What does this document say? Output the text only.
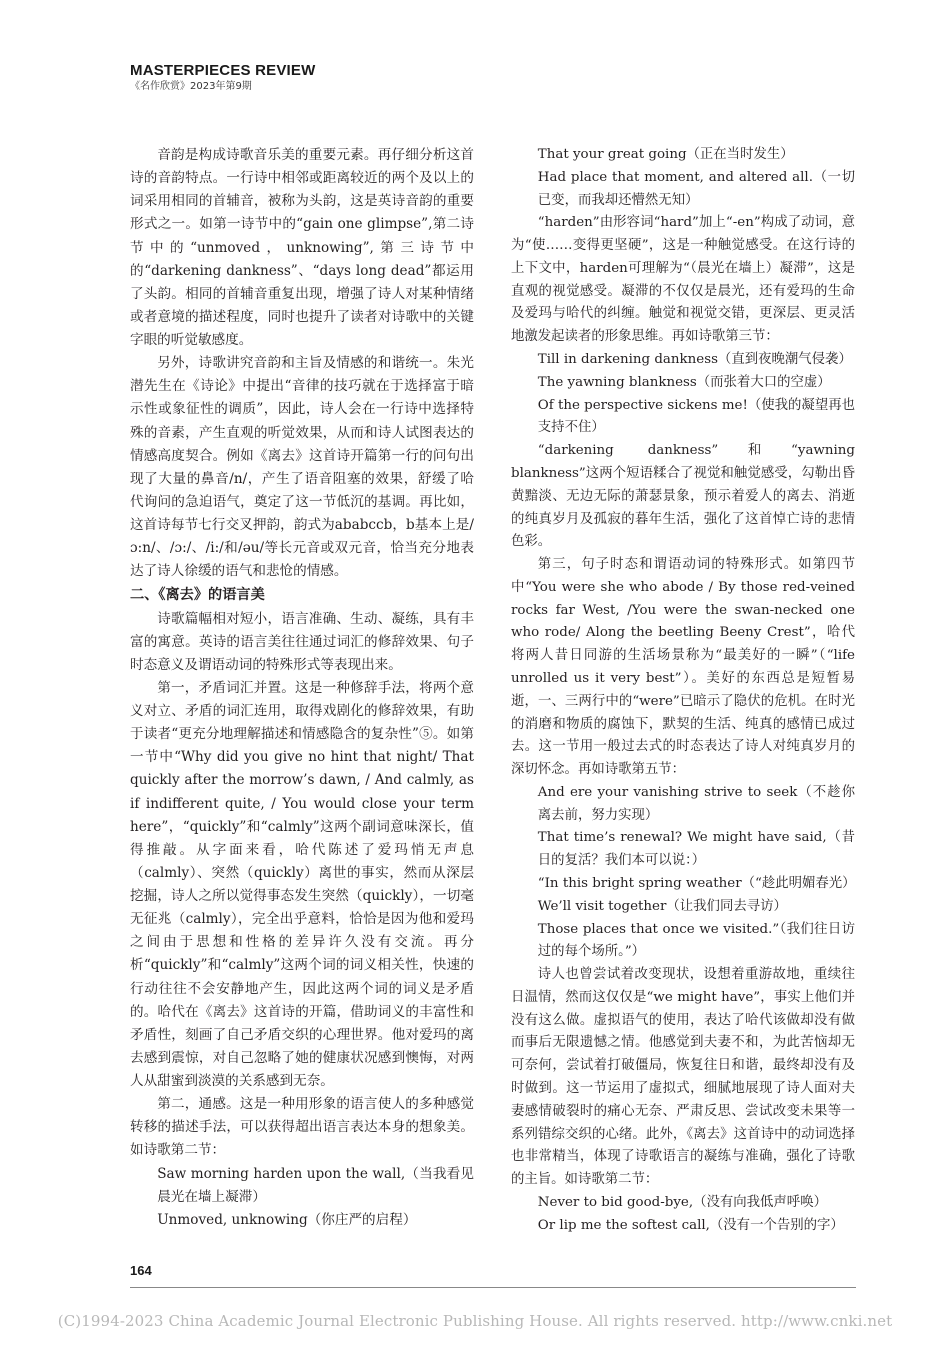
MASTERPIECES REVIEW
《名作欣赏》2023年第9期

音韵是构成诗歌音乐美的重要元素。再仔细分析这首诗的音韵特点。一行诗中相邻或距离较近的两个及以上的词采用相同的首辅音，被称为头韵，这是英诗音韵的重要形式之一。如第一诗节中的“gain one glimpse”,第二诗节中的“unmoved，unknowing”,第三诗节中的“darkening dankness”、“days long dead”都运用了头韵。相同的首辅音重复出现，增强了诗人对某种情绪或者意境的描述程度，同时也提升了读者对诗歌中的关键字眼的听觉敏感度。

另外，诗歌讲究音韵和主旨及情感的和谐统一。朱光潜先生在《诗论》中提出“音律的技巧就在于选择富于暗示性或象征性的调质”，因此，诗人会在一行诗中选择特殊的音素，产生直观的听觉效果，从而和诗人试图表达的情感高度契合。例如《离去》这首诗开篇第一行的问句出现了大量的鼻音/n/，产生了语音阻塞的效果，舒缓了哈代询问的急迫语气，奠定了这一节低沉的基调。再比如，这首诗每节七行交叉押韵，韵式为ababccb，b基本上是/ɔ:n/、/ɔ:/、/i:/和/əu/等长元音或双元音，恰当充分地表达了诗人徐缓的语气和悲怆的情感。

二、《离去》的语言美

诗歌篇幅相对短小，语言准确、生动、凝练，具有丰富的寓意。英诗的语言美往往通过词汇的修辞效果、句子时态意义及谓语动词的特殊形式等表现出来。

第一，矛盾词汇并置。这是一种修辞手法，将两个意义对立、矛盾的词汇连用，取得戏剧化的修辞效果，有助于读者“更充分地理解描述和情感隐含的复杂性”⑤。如第一节中“Why did you give no hint that night/ That quickly after the morrow’s dawn, / And calmly, as if indifferent quite, / You would close your term here”，“quickly”和“calmly”这两个副词意味深长，值得推敲。从字面来看，哈代陈述了爱玛悄无声息（calmly）、突然（quickly）离世的事实，然而从深层挖掘，诗人之所以觉得事态发生突然（quickly），一切毫无征兆（calmly），完全出乎意料，恰恰是因为他和爱玛之间由于思想和性格的差异许久没有交流。再分析“quickly”和“calmly”这两个词的词义相关性，快速的行动往往不会安静地产生，因此这两个词的词义是矛盾的。哈代在《离去》这首诗的开篇，借助词义的丰富性和矛盾性，刻画了自己矛盾交织的心理世界。他对爱玛的离去感到震惊，对自己忽略了她的健康状况感到懊悔，对两人从甜蜜到淡漠的关系感到无奈。

第二，通感。这是一种用形象的语言使人的多种感觉转移的描述手法，可以获得超出语言表达本身的想象美。如诗歌第二节：

Saw morning harden upon the wall,（当我看见晨光在墙上凝滞）

Unmoved, unknowing（你庄严的启程）

That your great going（正在当时发生）

Had place that moment, and altered all.（一切已变，而我却还懵然无知）

“harden”由形容词“hard”加上“-en”构成了动词，意为“使……变得更坚硬”，这是一种触觉感受。在这行诗的上下文中，harden可理解为“（晨光在墙上）凝滞”，这是直观的视觉感受。凝滞的不仅仅是晨光，还有爱玛的生命及爱玛与哈代的纠缠。触觉和视觉交错，更深层、更灵活地激发起读者的形象思维。再如诗歌第三节：

Till in darkening dankness（直到夜晚潮气侵袭）

The yawning blankness（而张着大口的空虚）

Of the perspective sickens me!（使我的凝望再也支持不住）

“darkening dankness”和“yawning blankness”这两个短语糅合了视觉和触觉感受，勾勒出昏黄黯淡、无边无际的萧瑟景象，预示着爱人的离去、消逝的纯真岁月及孤寂的暮年生活，强化了这首悼亡诗的悲情色彩。

第三，句子时态和谓语动词的特殊形式。如第四节中“You were she who abode / By those red-veined rocks far West, /You were the swan-necked one who rode/ Along the beetling Beeny Crest”，哈代将两人昔日同游的生活场景称为“最美好的一瞬”（“life unrolled us it very best”）。美好的东西总是短暂易逝，一、三两行中的“were”已暗示了隐伏的危机。在时光的消磨和物质的腐蚀下，默契的生活、纯真的感情已成过去。这一节用一般过去式的时态表达了诗人对纯真岁月的深切怀念。再如诗歌第五节：

And ere your vanishing strive to seek（不趁你离去前，努力实现）

That time’s renewal? We might have said,（昔日的复活？我们本可以说：）

“In this bright spring weather（“趁此明媚春光）

We’ll visit together（让我们同去寻访）

Those places that once we visited.”（我们往日访过的每个场所。”）

诗人也曾尝试着改变现状，设想着重游故地，重续往日温情，然而这仅仅是“we might have”，事实上他们并没有这么做。虚拟语气的使用，表达了哈代该做却没有做而事后无限遗憾之情。他感觉到夫妻不和，为此苦恼却无可奈何，尝试着打破僵局，恢复往日和谐，最终却没有及时做到。这一节运用了虚拟式，细腻地展现了诗人面对夫妻感情破裂时的痛心无奈、严肃反思、尝试改变未果等一系列错综交织的心绪。此外，《离去》这首诗中的动词选择也非常精当，体现了诗歌语言的凝练与准确，强化了诗歌的主旨。如诗歌第二节：

Never to bid good-bye,（没有向我低声呼唤）

Or lip me the softest call,（没有一个告别的字）

164
(C)1994-2023 China Academic Journal Electronic Publishing House. All rights reserved. http://www.cnki.net
